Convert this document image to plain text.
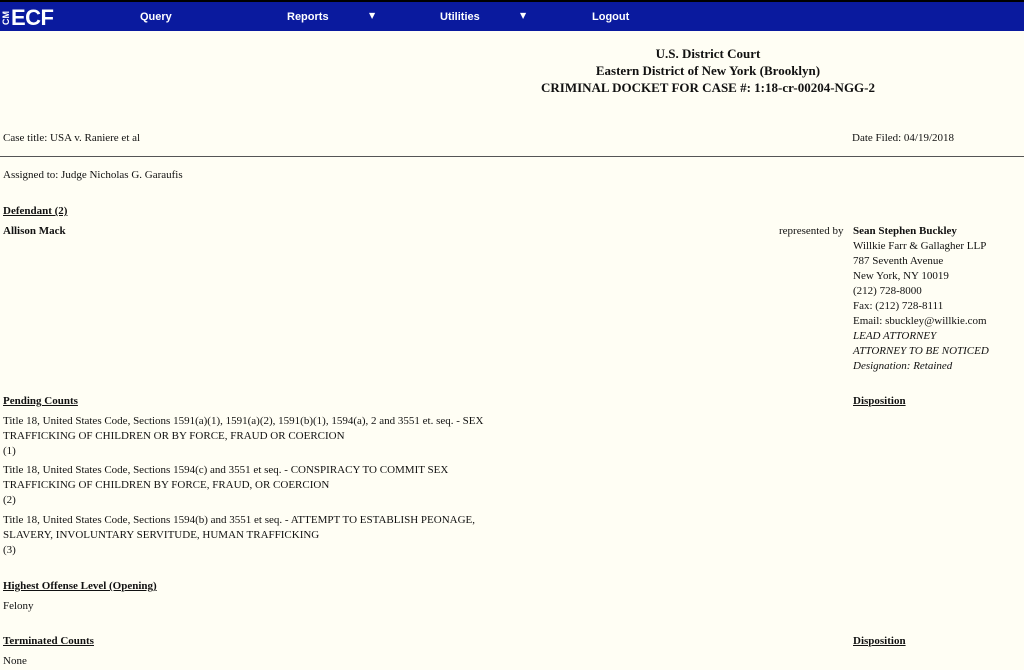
CM ECF	Query	Reports	▼	Utilities	▼	Logout
U.S. District Court
Eastern District of New York (Brooklyn)
CRIMINAL DOCKET FOR CASE #: 1:18-cr-00204-NGG-2
Case title: USA v. Raniere et al	Date Filed: 04/19/2018
Assigned to: Judge Nicholas G. Garaufis
Defendant (2)
Allison Mack	represented by Sean Stephen Buckley
Willkie Farr & Gallagher LLP
787 Seventh Avenue
New York, NY 10019
(212) 728-8000
Fax: (212) 728-8111
Email: sbuckley@willkie.com
LEAD ATTORNEY
ATTORNEY TO BE NOTICED
Designation: Retained
Pending Counts	Disposition
Title 18, United States Code, Sections 1591(a)(1), 1591(a)(2), 1591(b)(1), 1594(a), 2 and 3551 et. seq. - SEX
TRAFFICKING OF CHILDREN OR BY FORCE, FRAUD OR COERCION
(1)
Title 18, United States Code, Sections 1594(c) and 3551 et seq. - CONSPIRACY TO COMMIT SEX
TRAFFICKING OF CHILDREN BY FORCE, FRAUD, OR COERCION
(2)
Title 18, United States Code, Sections 1594(b) and 3551 et seq. - ATTEMPT TO ESTABLISH PEONAGE,
SLAVERY, INVOLUNTARY SERVITUDE, HUMAN TRAFFICKING
(3)
Highest Offense Level (Opening)
Felony
Terminated Counts	Disposition
None
